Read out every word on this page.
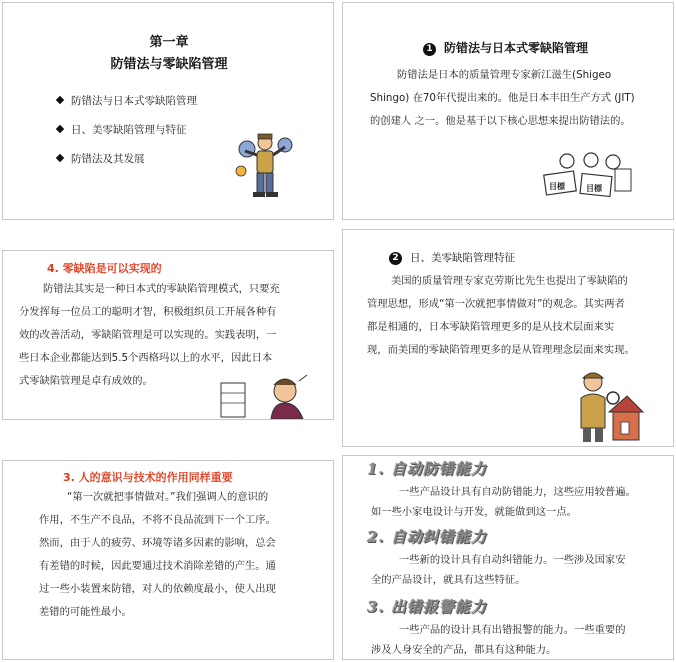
第一章
防错法与零缺陷管理
防错法与日本式零缺陷管理
日、美零缺陷管理与特征
防错法及其发展
1 防错法与日本式零缺陷管理
防错法是日本的质量管理专家新江滋生(Shigeo
Shingo) 在70年代提出来的。他是日本丰田生产方式 (JIT)
的创建人 之一。他是基于以下核心思想来提出防错法的。
目標	目標
4. 零缺陷是可以实现的
防错法其实是一种日本式的零缺陷管理模式，只要充
分发挥每一位员工的聪明才智，积极组织员工开展各种有
效的改善活动，零缺陷管理是可以实现的。实践表明，一
些日本企业都能达到5.5个西格玛以上的水平，因此日本
式零缺陷管理是卓有成效的。
2 日、美零缺陷管理特征
美国的质量管理专家克劳斯比先生也提出了零缺陷的
管理思想，形成“第一次就把事情做对”的观念。其实两者
都是相通的，日本零缺陷管理更多的是从技术层面来实
现，而美国的零缺陷管理更多的是从管理理念层面来实现。
3. 人的意识与技术的作用同样重要
“第一次就把事情做对。”我们强调人的意识的
作用，不生产不良品，不将不良品流到下一个工序。
然而，由于人的疲劳、环境等诸多因素的影响，总会
有差错的时候，因此要通过技术消除差错的产生。通
过一些小装置来防错，对人的依赖度最小，使人出现
差错的可能性最小。
1. 自动防错能力
一些产品设计具有自动防错能力，这些应用较普遍。
如一些小家电设计与开发，就能做到这一点。
2. 自动纠错能力
一些新的设计具有自动纠错能力。一些涉及国家安
全的产品设计，就具有这些特征。
3. 出错报警能力
一些产品的设计具有出错报警的能力。一些重要的
涉及人身安全的产品，都具有这种能力。
